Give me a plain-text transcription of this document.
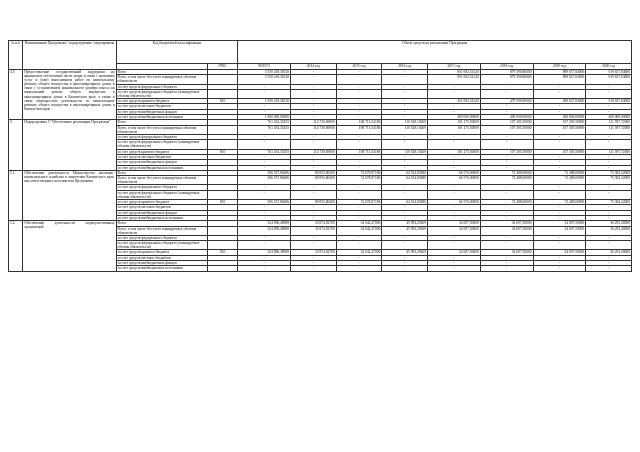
№ п/п	Наименование Программы / подпрограммы / мероприятия	Код бюджетной классификации		Объем средств на реализацию Программы							
			ГРБС	ВСЕГО	2014 год	2015 год	2016 год	2017 год	2018 год	2019 год	2020 год
4.5	Предоставление государственной поддержки на финансовое обеспечение части затрат в связи с оказанием услуг и (или) выполнением работ по капитальному ремонту общего имущества в многоквартирных домах в связи с установлением минимального размера взноса на капитальный ремонт общего имущества в многоквартирных домах в Камчатском крае, а также в связи очередностью деятельности по капитальному ремонту общего имущества в многоквартирных домах в Камчатском крае	Всего		3 550 418,38120	-	-	-	851 692,54120	879 590,80000	899 657,84000	919 657,84000
		Всего, в том числе без учета планируемых объемов обязательств		3 550 418,38120	-	-	-	851 692,54120	879 590,80000	899 657,84000	919 657,84000
		за счет средств федерального бюджета		-	-	-	-	-	-	-	-
		за счет средств федерального бюджета (планируемые объемы обязательств)		-	-	-	-	-	-	-	-
		за счет средств краевого бюджета	810	1 950 418,38120	-	-	-	451 692,54120	479 590,80000	499 657,84000	519 657,84000
		за счет средств местных бюджетов		-	-	-	-	-	-	-	-
		за счет средств внебюджетных фондов		-	-	-	-	-	-	-	-
		за счет средств внебюджетных источников		1 600 000,00000	-	-	-	400 000,00000	400 000,00000	400 000,00000	400 000,00000
5.	Подпрограмма 5 "Обеспечение реализации Программы"	Всего		761 454,35455	114 730,69000	108 713,54186	110 528,10269	101 275,50000	107 305,50000	107 305,50000	111 597,72000
		Всего, в том числе без учета планируемых объемов обязательств		761 454,35455	114 730,69000	108 713,54186	110 528,10269	101 275,50000	107 305,50000	107 305,50000	111 597,72000
		за счет средств федерального бюджета		-	-	-	-	-	-	-	-
		за счет средств федерального бюджета (планируемые объемы обязательств)		-	-	-	-	-	-	-	-
		за счет средств краевого бюджета	810	761 454,35455	114 730,69000	108 713,54186	110 528,10269	101 275,50000	107 305,50000	107 305,50000	111 597,72000
		за счет средств местных бюджетов		-	-	-	-	-	-	-	-
		за счет средств внебюджетных фондов		-	-	-	-	-	-	-	-
		за счет средств внебюджетных источников		-	-	-	-	-	-	-	-
5.1.	Обеспечение деятельности Министерства жилищно-коммунального хозяйства и энергетики Камчатского края, как ответственного исполнителя Программы	Всего		506 557,86486	80 855,86300	74 678,87186	64 534,83080	66 576,00000	72 488,00000	72 488,00000	75 384,32000
		Всего, в том числе без учета планируемых объемов обязательств		506 557,86486	80 855,86300	74 678,87186	64 534,83080	66 576,00000	72 488,00000	72 488,00000	75 384,32000
		за счет средств федерального бюджета		-	-	-	-	-	-	-	-
		за счет средств федерального бюджета (планируемые объемы обязательств)		-	-	-	-	-	-	-	-
		за счет средств краевого бюджета	810	506 557,86486	80 855,86300	74 678,87186	64 534,83080	66 576,00000	72 488,00000	72 488,00000	75 384,32000
		за счет средств местных бюджетов		-	-	-	-	-	-	-	-
		за счет средств внебюджетных фондов		-	-	-	-	-	-	-	-
		за счет средств внебюджетных источников		-	-	-	-	-	-	-	-
5.2.	Обеспечение деятельности подведомственных организаций	Всего		254 896,48969	33 874,82700	34 042,47000	45 993,29269	34 697,50000	34 697,50000	34 697,50000	36 293,40000
		Всего, в том числе без учета планируемых объемов обязательств		254 896,48969	33 874,82700	34 042,47000	45 993,29269	34 697,50000	34 697,50000	34 697,50000	36 293,40000
		за счет средств федерального бюджета		-	-	-	-	-	-	-	-
		за счет средств федерального бюджета (планируемые объемы обязательств)		-	-	-	-	-	-	-	-
		за счет средств краевого бюджета	810	254 896,48969	33 874,82700	34 042,47000	45 993,29269	34 697,50000	34 697,50000	34 697,50000	36 293,40000
		за счет средств местных бюджетов		-	-	-	-	-	-	-	-
		за счет средств внебюджетных фондов		-	-	-	-	-	-	-	-
		за счет средств внебюджетных источников		-	-	-	-	-	-	-	-
